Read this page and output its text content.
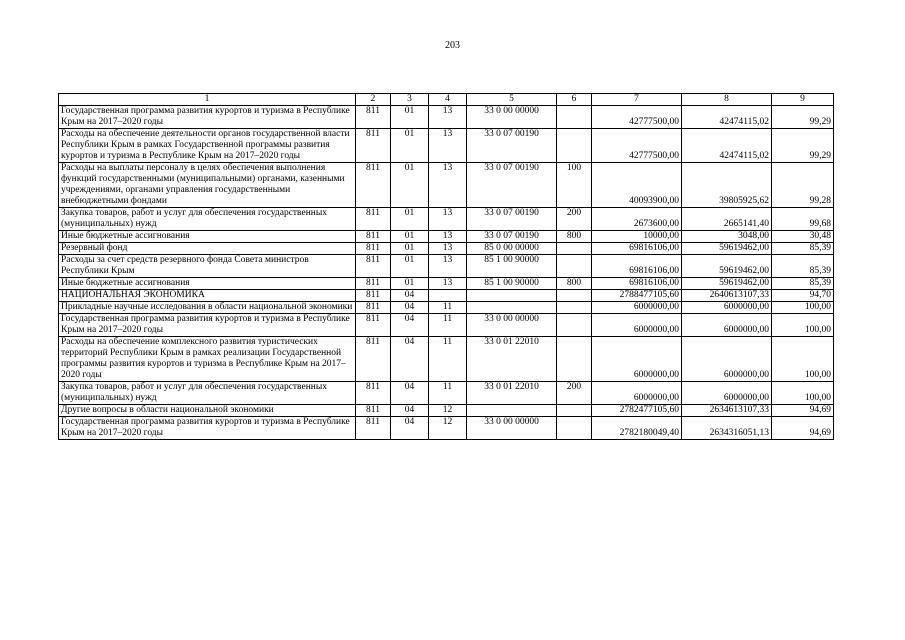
203
1	2	3	4	5	6	7	8	9
Государственная программа развития курортов и туризма в Республике Крым на 2017–2020 годы	811	01	13	33 0 00 00000		42777500,00	42474115,02	99,29
Расходы на обеспечение деятельности органов государственной власти Республики Крым в рамках Государственной программы развития курортов и туризма в Республике Крым на 2017–2020 годы	811	01	13	33 0 07 00190		42777500,00	42474115,02	99,29
Расходы на выплаты персоналу в целях обеспечения выполнения функций государственными (муниципальными) органами, казенными учреждениями, органами управления государственными внебюджетными фондами	811	01	13	33 0 07 00190	100	40093900,00	39805925,62	99,28
Закупка товаров, работ и услуг для обеспечения государственных (муниципальных) нужд	811	01	13	33 0 07 00190	200	2673600,00	2665141,40	99,68
Иные бюджетные ассигнования	811	01	13	33 0 07 00190	800	10000,00	3048,00	30,48
Резервный фонд	811	01	13	85 0 00 00000		69816106,00	59619462,00	85,39
Расходы за счет средств резервного фонда Совета министров Республики Крым	811	01	13	85 1 00 90000		69816106,00	59619462,00	85,39
Иные бюджетные ассигнования	811	01	13	85 1 00 90000	800	69816106,00	59619462,00	85,39
НАЦИОНАЛЬНАЯ ЭКОНОМИКА	811	04				2788477105,60	2640613107,33	94,70
Прикладные научные исследования в области национальной экономики	811	04	11			6000000,00	6000000,00	100,00
Государственная программа развития курортов и туризма в Республике Крым на 2017–2020 годы	811	04	11	33 0 00 00000		6000000,00	6000000,00	100,00
Расходы на обеспечение комплексного развития туристических территорий Республики Крым в рамках реализации Государственной программы развития курортов и туризма в Республике Крым на 2017–2020 годы	811	04	11	33 0 01 22010		6000000,00	6000000,00	100,00
Закупка товаров, работ и услуг для обеспечения государственных (муниципальных) нужд	811	04	11	33 0 01 22010	200	6000000,00	6000000,00	100,00
Другие вопросы в области национальной экономики	811	04	12			2782477105,60	2634613107,33	94,69
Государственная программа развития курортов и туризма в Республике Крым на 2017–2020 годы	811	04	12	33 0 00 00000		2782180049,40	2634316051,13	94,69
